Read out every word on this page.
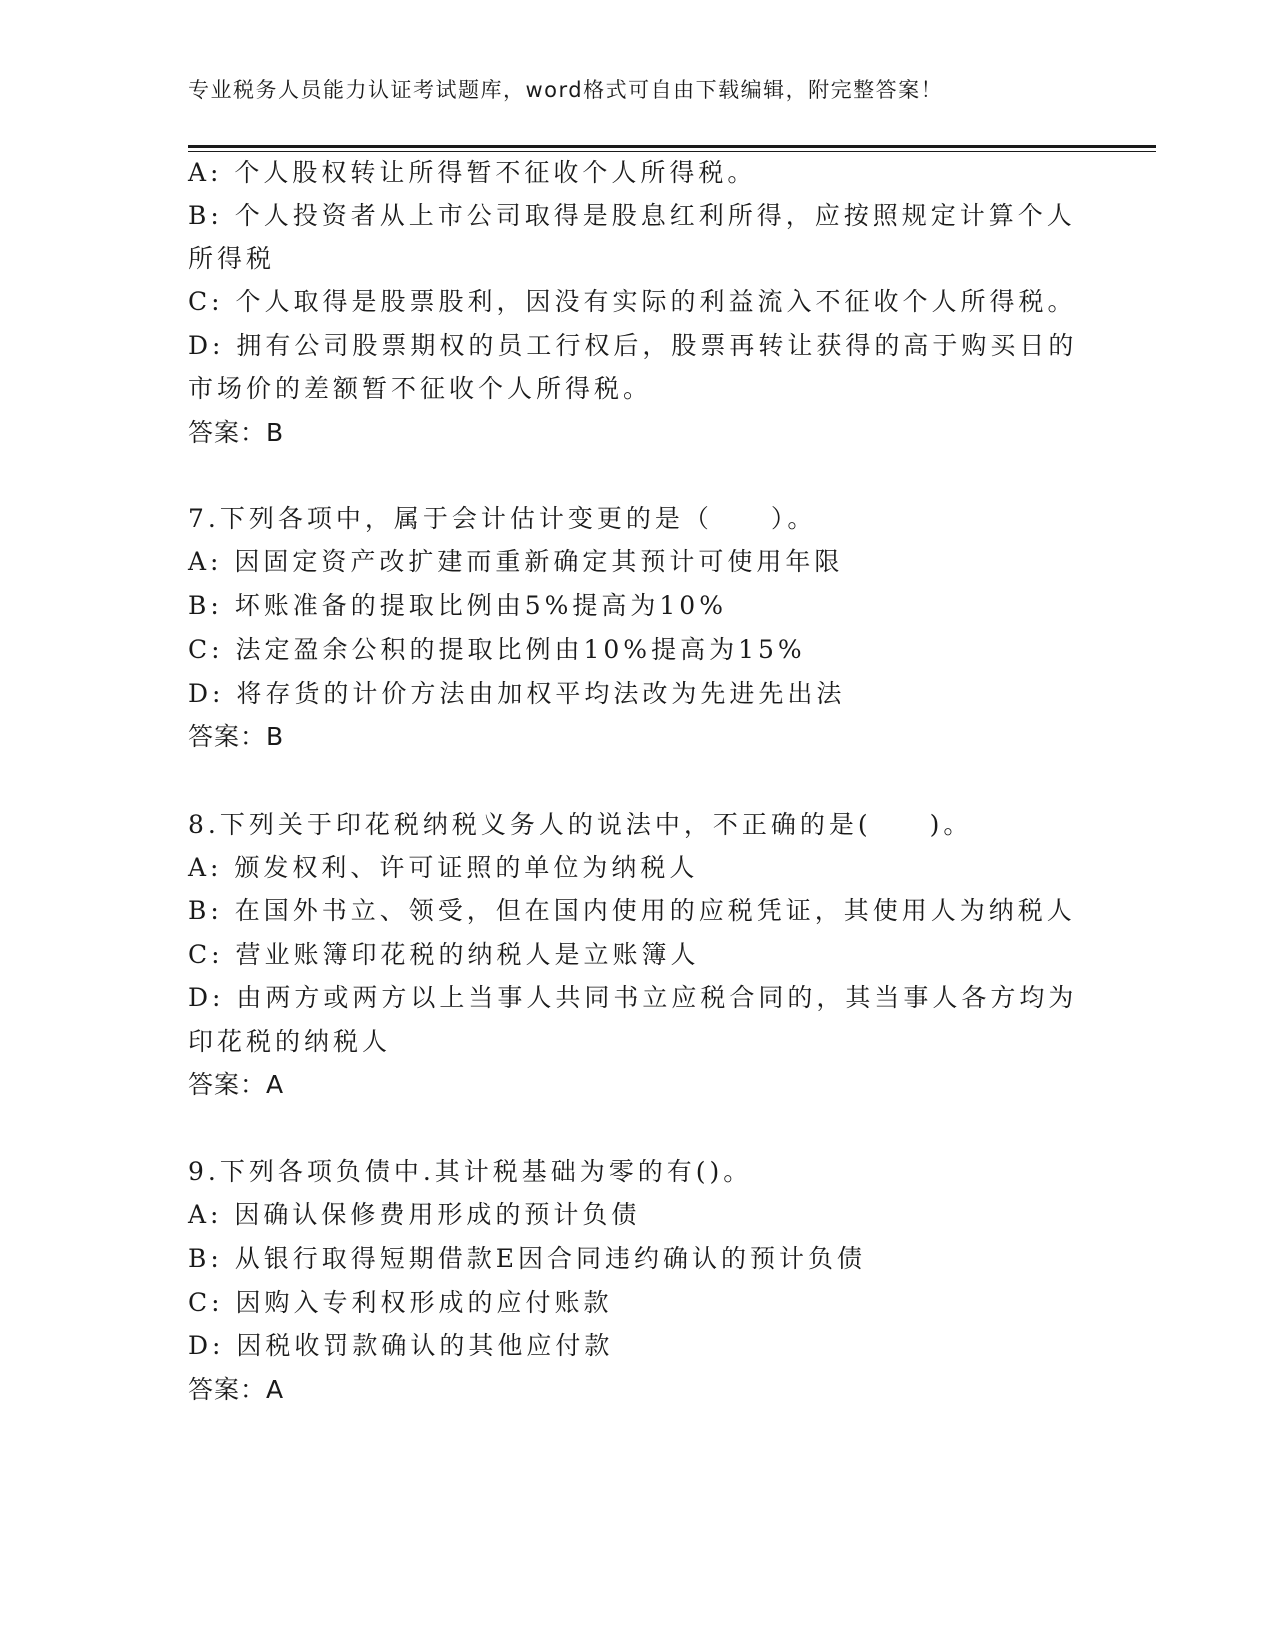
专业税务人员能力认证考试题库，word格式可自由下载编辑，附完整答案！
A: 个人股权转让所得暂不征收个人所得税。
B: 个人投资者从上市公司取得是股息红利所得，应按照规定计算个人
所得税
C: 个人取得是股票股利，因没有实际的利益流入不征收个人所得税。
D: 拥有公司股票期权的员工行权后，股票再转让获得的高于购买日的
市场价的差额暂不征收个人所得税。
答案：B
7.下列各项中，属于会计估计变更的是（　　）。
A: 因固定资产改扩建而重新确定其预计可使用年限
B: 坏账准备的提取比例由5%提高为10%
C: 法定盈余公积的提取比例由10%提高为15%
D: 将存货的计价方法由加权平均法改为先进先出法
答案：B
8.下列关于印花税纳税义务人的说法中，不正确的是(　　)。
A: 颁发权利、许可证照的单位为纳税人
B: 在国外书立、领受，但在国内使用的应税凭证，其使用人为纳税人
C: 营业账簿印花税的纳税人是立账簿人
D: 由两方或两方以上当事人共同书立应税合同的，其当事人各方均为
印花税的纳税人
答案：A
9.下列各项负债中.其计税基础为零的有()。
A: 因确认保修费用形成的预计负债
B: 从银行取得短期借款E因合同违约确认的预计负债
C: 因购入专利权形成的应付账款
D: 因税收罚款确认的其他应付款
答案：A
